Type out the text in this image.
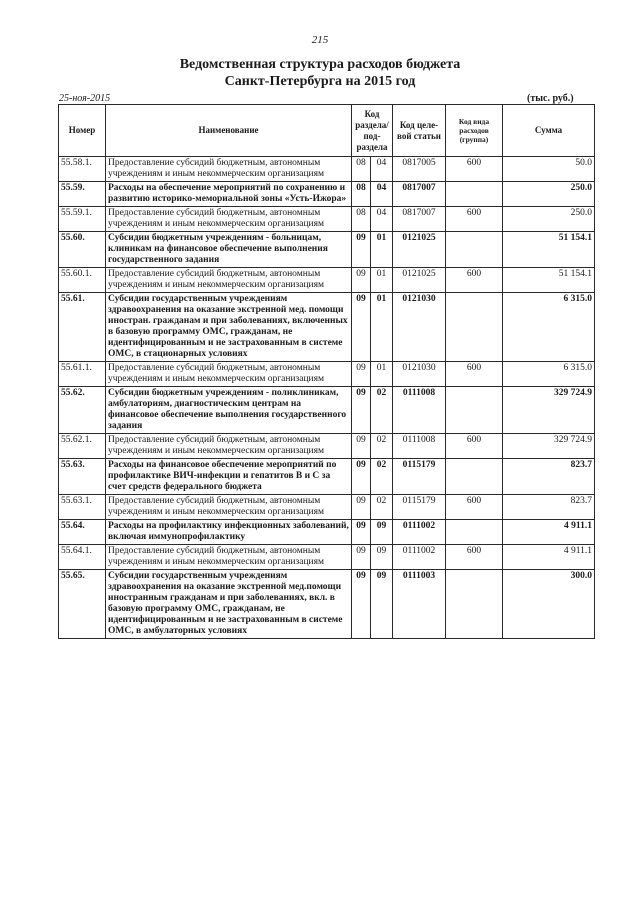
215
Ведомственная структура расходов бюджета
Санкт-Петербурга на 2015 год
25-ноя-2015	(тыс. руб.)
Номер	Наименование	Код раздела/ под- раздела		Код целе- вой статьи	Код вида расходов (группа)	Сумма
55.58.1.	Предоставление субсидий бюджетным, автономным учреждениям и иным некоммерческим организациям	08	04	0817005	600	50.0
55.59.	Расходы на обеспечение мероприятий по сохранению и развитию историко-мемориальной зоны «Усть-Ижора»	08	04	0817007		250.0
55.59.1.	Предоставление субсидий бюджетным, автономным учреждениям и иным некоммерческим организациям	08	04	0817007	600	250.0
55.60.	Субсидии бюджетным учреждениям - больницам, клиникам на финансовое обеспечение выполнения государственного задания	09	01	0121025		51 154.1
55.60.1.	Предоставление субсидий бюджетным, автономным учреждениям и иным некоммерческим организациям	09	01	0121025	600	51 154.1
55.61.	Субсидии государственным учреждениям здравоохранения на оказание экстренной мед. помощи иностран. гражданам и при заболеваниях, включенных в базовую программу ОМС, гражданам, не идентифицированным и не застрахованным в системе ОМС, в стационарных условиях	09	01	0121030		6 315.0
55.61.1.	Предоставление субсидий бюджетным, автономным учреждениям и иным некоммерческим организациям	09	01	0121030	600	6 315.0
55.62.	Субсидии бюджетным учреждениям - поликлиникам, амбулаториям, диагностическим центрам на финансовое обеспечение выполнения государственного задания	09	02	0111008		329 724.9
55.62.1.	Предоставление субсидий бюджетным, автономным учреждениям и иным некоммерческим организациям	09	02	0111008	600	329 724.9
55.63.	Расходы на финансовое обеспечение мероприятий по профилактике ВИЧ-инфекции и гепатитов В и С за счет средств федерального бюджета	09	02	0115179		823.7
55.63.1.	Предоставление субсидий бюджетным, автономным учреждениям и иным некоммерческим организациям	09	02	0115179	600	823.7
55.64.	Расходы на профилактику инфекционных заболеваний, включая иммунопрофилактику	09	09	0111002		4 911.1
55.64.1.	Предоставление субсидий бюджетным, автономным учреждениям и иным некоммерческим организациям	09	09	0111002	600	4 911.1
55.65.	Субсидии государственным учреждениям здравоохранения на оказание экстренной мед.помощи иностранным гражданам и при заболеваниях, вкл. в базовую программу ОМС, гражданам, не идентифицированным и не застрахованным в системе ОМС, в амбулаторных условиях	09	09	0111003		300.0
